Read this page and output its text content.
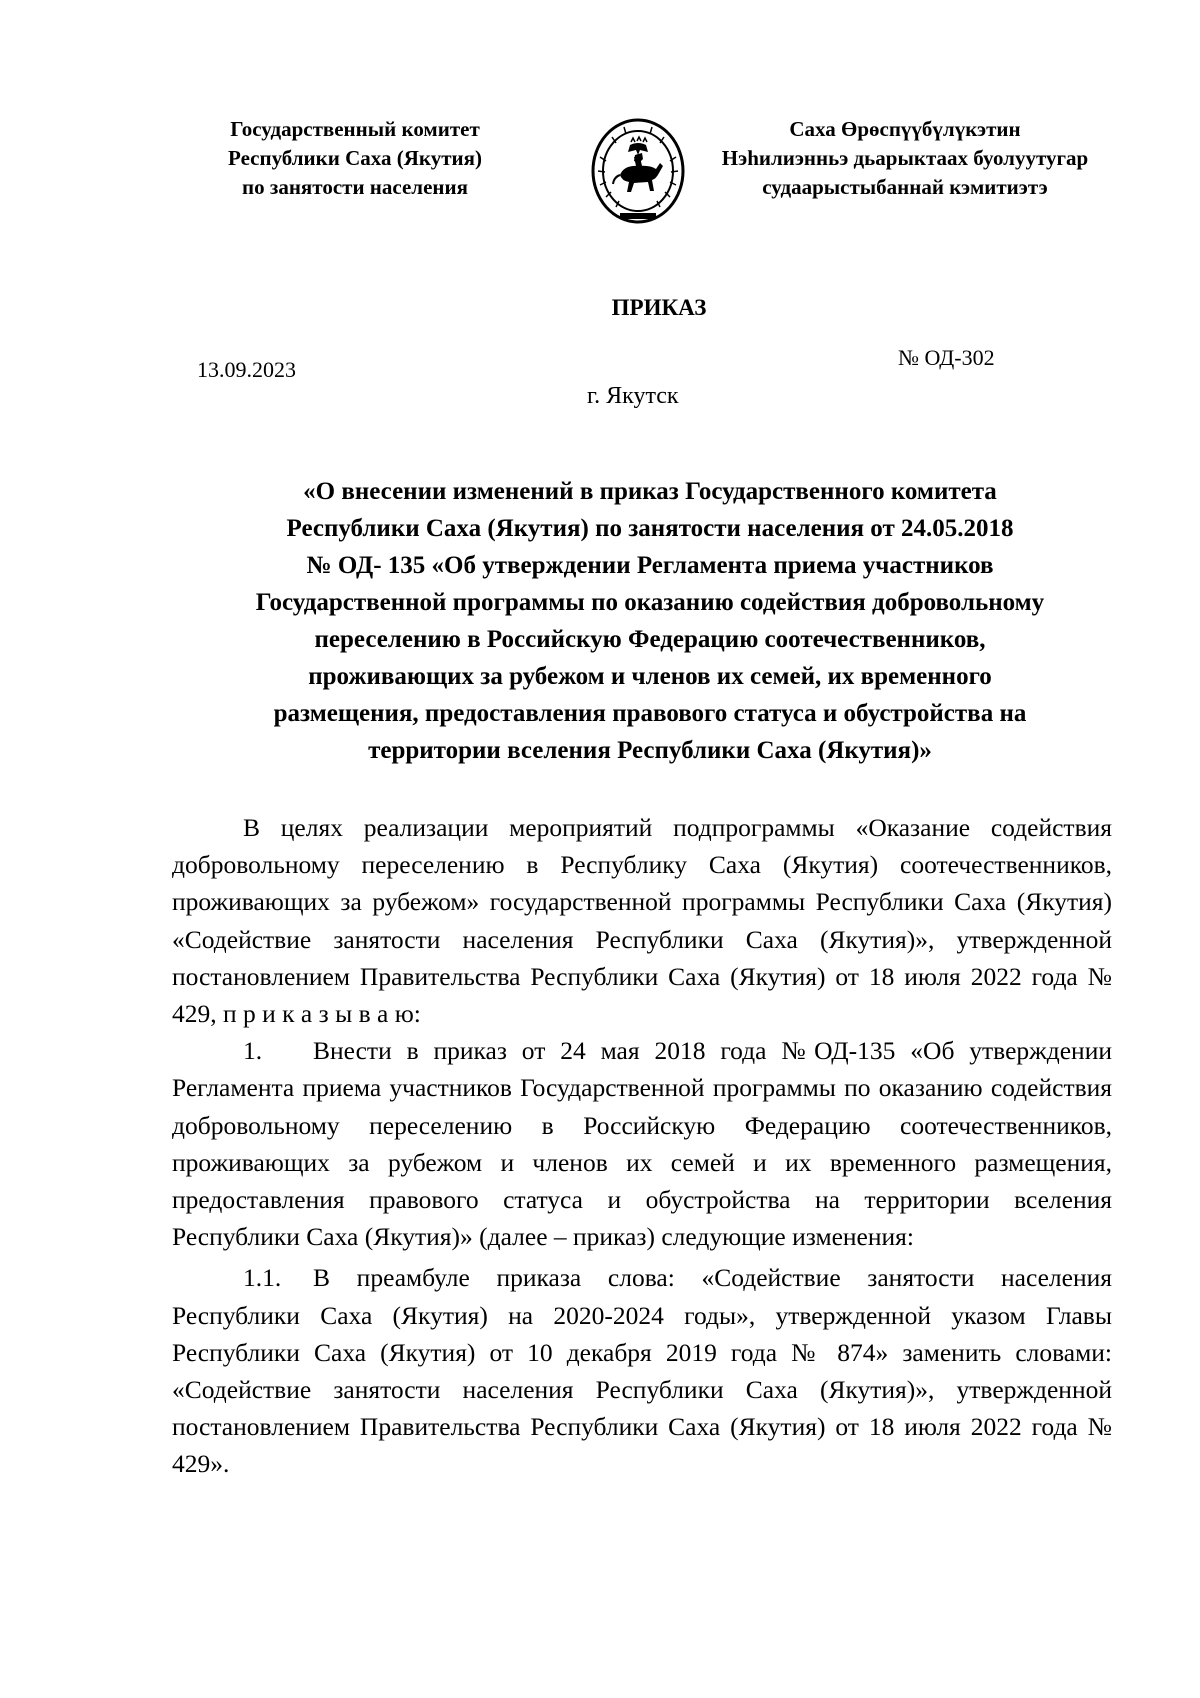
Государственный комитет
Республики Саха (Якутия)
по занятости населения
Саха Өрөспүүбүлүкэтин
Нэһилиэнньэ дьарыктаах буолуутугар
судаарыстыбаннай кэмитиэтэ
ПРИКАЗ
13.09.2023	№ ОД-302
г. Якутск
«О внесении изменений в приказ Государственного комитета
Республики Саха (Якутия) по занятости населения от 24.05.2018
№ ОД- 135 «Об утверждении Регламента приема участников
Государственной программы по оказанию содействия добровольному
переселению в Российскую Федерацию соотечественников,
проживающих за рубежом и членов их семей, их временного
размещения, предоставления правового статуса и обустройства на
территории вселения Республики Саха (Якутия)»

В целях реализации мероприятий подпрограммы «Оказание содействия добровольному переселению в Республику Саха (Якутия) соотечественников, проживающих за рубежом» государственной программы Республики Саха (Якутия) «Содействие занятости населения Республики Саха (Якутия)», утвержденной постановлением Правительства Республики Саха (Якутия) от 18 июля 2022 года № 429, п р и к а з ы в а ю:

1. Внести в приказ от 24 мая 2018 года №ОД-135 «Об утверждении Регламента приема участников Государственной программы по оказанию содействия добровольному переселению в Российскую Федерацию соотечественников, проживающих за рубежом и членов их семей и их временного размещения, предоставления правового статуса и обустройства на территории вселения Республики Саха (Якутия)» (далее – приказ) следующие изменения:

1.1. В преамбуле приказа слова: «Содействие занятости населения Республики Саха (Якутия) на 2020-2024 годы», утвержденной указом Главы Республики Саха (Якутия) от 10 декабря 2019 года № 874» заменить словами: «Содействие занятости населения Республики Саха (Якутия)», утвержденной постановлением Правительства Республики Саха (Якутия) от 18 июля 2022 года № 429».
